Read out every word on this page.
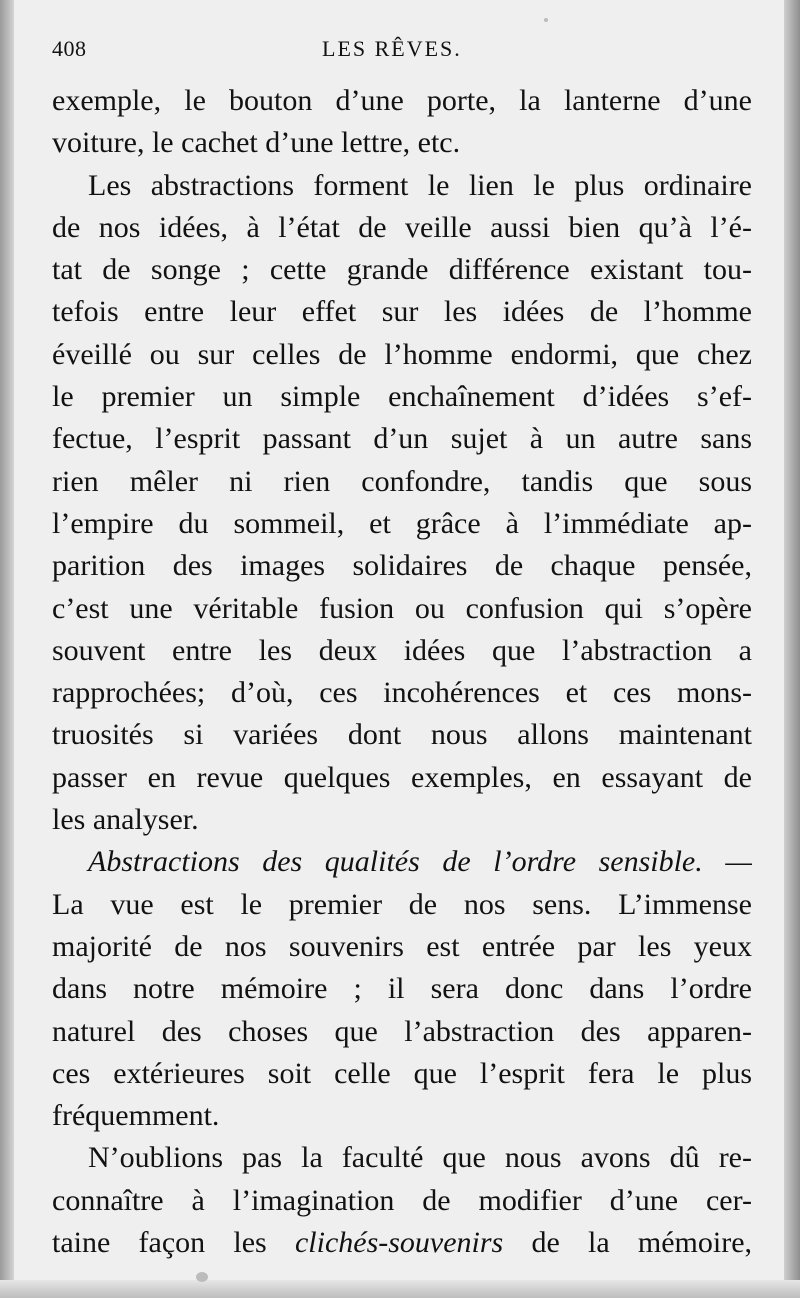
408	LES RÊVES.
exemple, le bouton d’une porte, la lanterne d’une
voiture, le cachet d’une lettre, etc.
Les abstractions forment le lien le plus ordinaire
de nos idées, à l’état de veille aussi bien qu’à l’é-
tat de songe ; cette grande différence existant tou-
tefois entre leur effet sur les idées de l’homme
éveillé ou sur celles de l’homme endormi, que chez
le premier un simple enchaînement d’idées s’ef-
fectue, l’esprit passant d’un sujet à un autre sans
rien mêler ni rien confondre, tandis que sous
l’empire du sommeil, et grâce à l’immédiate ap-
parition des images solidaires de chaque pensée,
c’est une véritable fusion ou confusion qui s’opère
souvent entre les deux idées que l’abstraction a
rapprochées; d’où, ces incohérences et ces mons-
truosités si variées dont nous allons maintenant
passer en revue quelques exemples, en essayant de
les analyser.
Abstractions des qualités de l’ordre sensible. —
La vue est le premier de nos sens. L’immense
majorité de nos souvenirs est entrée par les yeux
dans notre mémoire ; il sera donc dans l’ordre
naturel des choses que l’abstraction des apparen-
ces extérieures soit celle que l’esprit fera le plus
fréquemment.
N’oublions pas la faculté que nous avons dû re-
connaître à l’imagination de modifier d’une cer-
taine façon les clichés-souvenirs de la mémoire,
